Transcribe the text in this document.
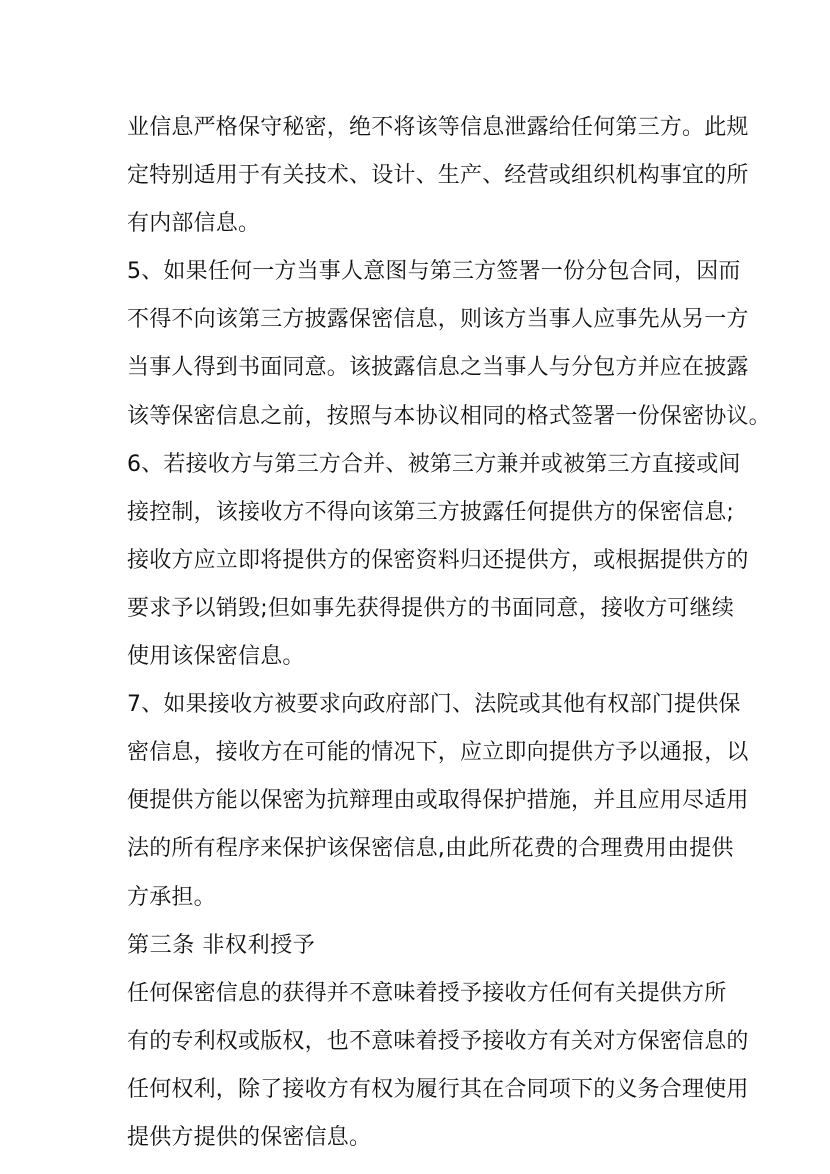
业信息严格保守秘密，绝不将该等信息泄露给任何第三方。此规
定特别适用于有关技术、设计、生产、经营或组织机构事宜的所
有内部信息。
5、如果任何一方当事人意图与第三方签署一份分包合同，因而
不得不向该第三方披露保密信息，则该方当事人应事先从另一方
当事人得到书面同意。该披露信息之当事人与分包方并应在披露
该等保密信息之前，按照与本协议相同的格式签署一份保密协议。
6、若接收方与第三方合并、被第三方兼并或被第三方直接或间
接控制，该接收方不得向该第三方披露任何提供方的保密信息;
接收方应立即将提供方的保密资料归还提供方，或根据提供方的
要求予以销毁;但如事先获得提供方的书面同意，接收方可继续
使用该保密信息。
7、如果接收方被要求向政府部门、法院或其他有权部门提供保
密信息，接收方在可能的情况下，应立即向提供方予以通报，以
便提供方能以保密为抗辩理由或取得保护措施，并且应用尽适用
法的所有程序来保护该保密信息,由此所花费的合理费用由提供
方承担。
第三条 非权利授予
任何保密信息的获得并不意味着授予接收方任何有关提供方所
有的专利权或版权，也不意味着授予接收方有关对方保密信息的
任何权利，除了接收方有权为履行其在合同项下的义务合理使用
提供方提供的保密信息。
